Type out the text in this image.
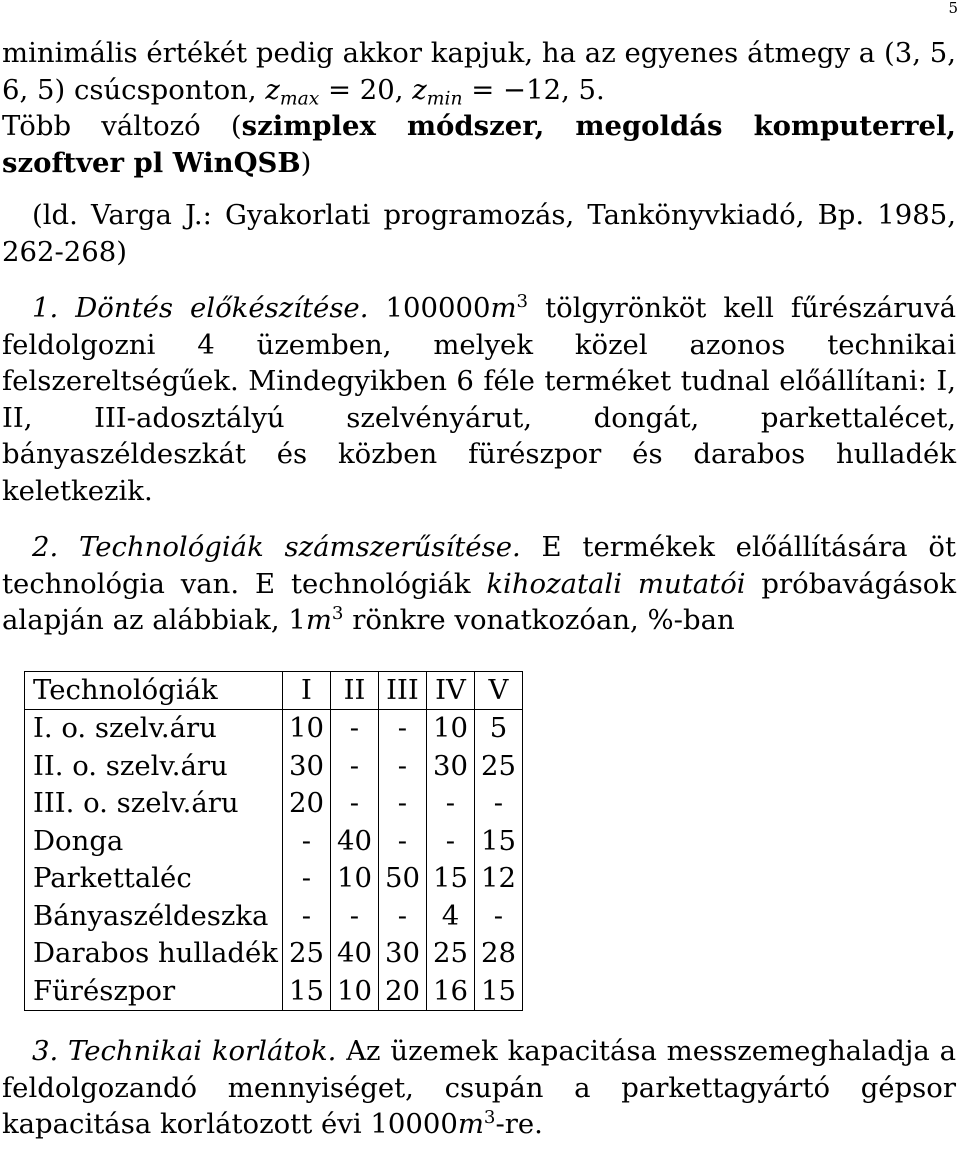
5

minimális értékét pedig akkor kapjuk, ha az egyenes átmegy a (3, 5, 6, 5) csúcsponton, $z_{max} = 20$, $z_{min} = -12$, 5.

Több változó (szimplex módszer, megoldás komputerrel, szoftver pl WinQSB)

(ld. Varga J.: Gyakorlati programozás, Tankönyvkiadó, Bp. 1985, 262-268)

1. Döntés előkészítése. $100000m^3$ tölgyrönköt kell fűrészáruvá feldolgozni 4 üzemben, melyek közel azonos technikai felszereltségűek. Mindegyikben 6 féle terméket tudnal előállítani: I, II, III-adosztályú szelvényárut, dongát, parkettalécet, bányaszéldeszkát és közben fürészpor és darabos hulladék keletkezik.

2. Technológiák számszerűsítése. E termékek előállítására öt technológia van. E technológiák kihozatali mutatói próbavágások alapján az alábbiak, $1m^3$ rönkre vonatkozóan, %-ban

Technológiák	I	II	III	IV	V
I. o. szelv.áru	10	-	-	10	5
II. o. szelv.áru	30	-	-	30	25
III. o. szelv.áru	20	-	-	-	-
Donga	-	40	-	-	15
Parkettaléc	-	10	50	15	12
Bányaszéldeszka	-	-	-	4	-
Darabos hulladék	25	40	30	25	28
Fürészpor	15	10	20	16	15

3. Technikai korlátok. Az üzemek kapacitása messzemeghaladja a feldolgozandó mennyiséget, csupán a parkettagyártó gépsor kapacitása korlátozott évi $10000m^3-re$.
